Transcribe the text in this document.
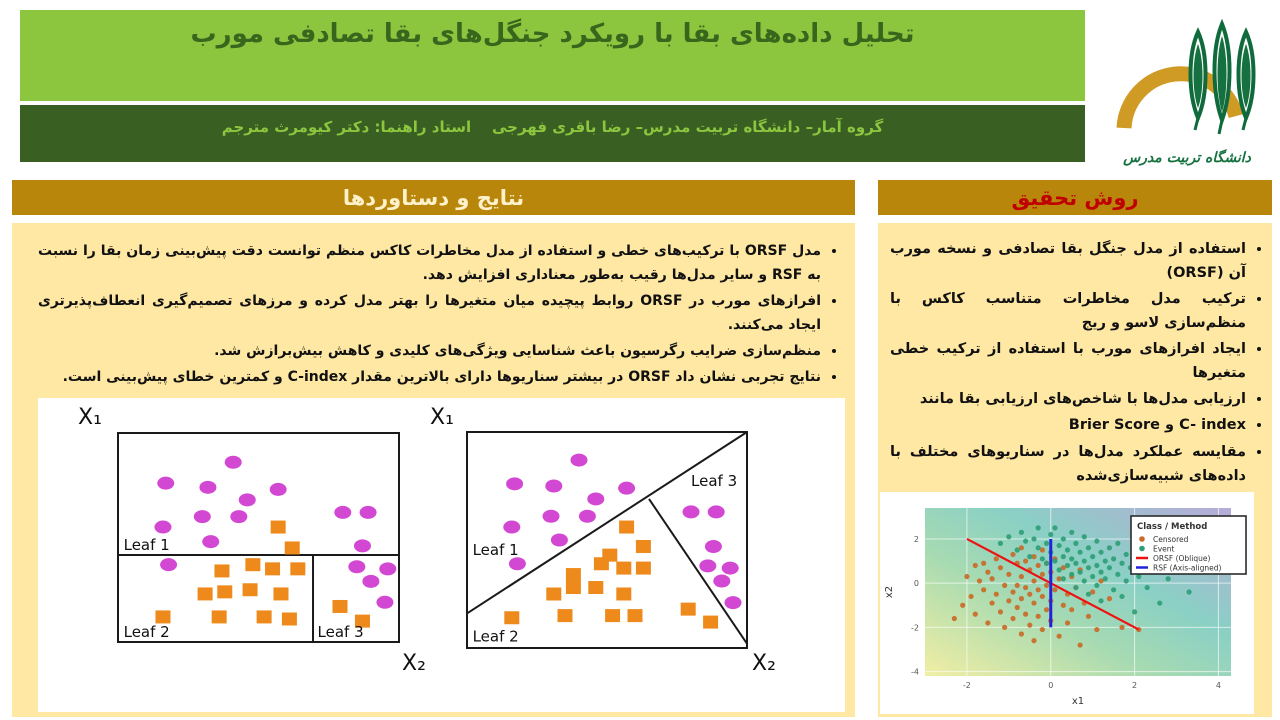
تحلیل داده‌های بقا با رویکرد جنگل‌های بقا تصادفی مورب
گروه آمار– دانشگاه تربیت مدرس– رضا باقری فهرجی    استاد راهنما: دکتر کیومرث مترجم
دانشگاه تربیت مدرس
نتایج و دستاوردها
• مدل ORSF با ترکیب‌های خطی و استفاده از مدل مخاطرات کاکس منظم توانست دقت پیش‌بینی زمان بقا را نسبت به RSF و سایر مدل‌ها رقیب به‌طور معناداری افزایش دهد.
• افرازهای مورب در ORSF روابط پیچیده میان متغیرها را بهتر مدل کرده و مرزهای تصمیم‌گیری انعطاف‌پذیرتری ایجاد می‌کنند.
• منظم‌سازی ضرایب رگرسیون باعث شناسایی ویژگی‌های کلیدی و کاهش بیش‌برازش شد.
• نتایج تجربی نشان داد ORSF در بیشتر سناریوها دارای بالاترین مقدار C-index و کمترین خطای پیش‌بینی است.
Leaf 1
Leaf 2	Leaf 3
X₁
X₂
Leaf 1
Leaf 2
Leaf 3
X₁
X₂
روش تحقیق
• استفاده از مدل جنگل بقا تصادفی و نسخه مورب آن (ORSF)
• ترکیب مدل مخاطرات متناسب کاکس با منظم‌سازی لاسو و ریج
• ایجاد افرازهای مورب با استفاده از ترکیب خطی متغیرها
• ارزیابی مدل‌ها با شاخص‌های ارزیابی بقا مانند
• C- index و Brier Score
• مقایسه عملکرد مدل‌ها در سناریوهای مختلف با داده‌های شبیه‌سازی‌شده
-2	0	2	4
-4
-2
0
2
x1
x2
Class / Method
Censored
Event
ORSF (Oblique)
RSF (Axis-aligned)
